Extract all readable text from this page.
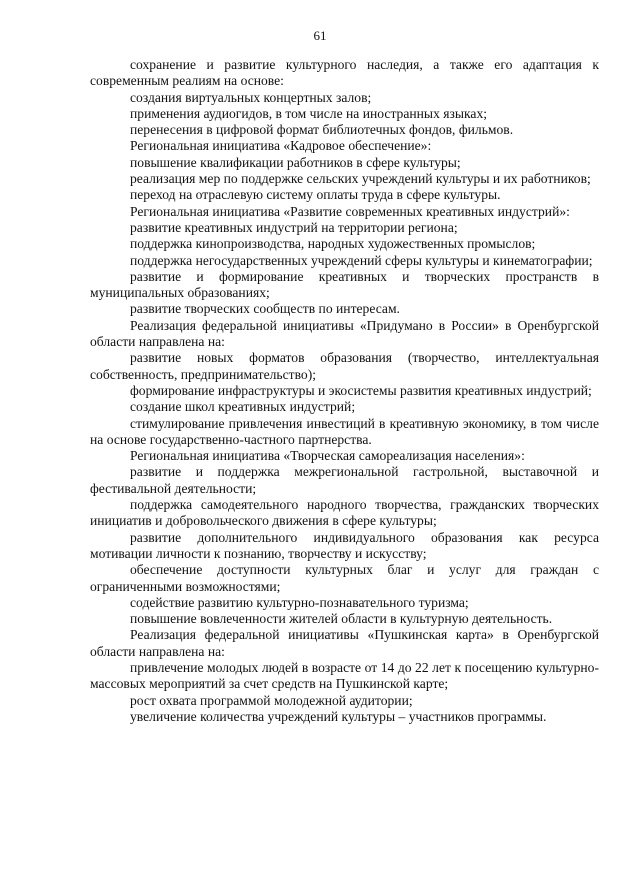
61

сохранение и развитие культурного наследия, а также его адаптация к современным реалиям на основе:

создания виртуальных концертных залов;

применения аудиогидов, в том числе на иностранных языках;

перенесения в цифровой формат библиотечных фондов, фильмов.

Региональная инициатива «Кадровое обеспечение»:

повышение квалификации работников в сфере культуры;

реализация мер по поддержке сельских учреждений культуры и их работников;

переход на отраслевую систему оплаты труда в сфере культуры.

Региональная инициатива «Развитие современных креативных индустрий»:

развитие креативных индустрий на территории региона;

поддержка кинопроизводства, народных художественных промыслов;

поддержка негосударственных учреждений сферы культуры и кинематографии;

развитие и формирование креативных и творческих пространств в муниципальных образованиях;

развитие творческих сообществ по интересам.

Реализация федеральной инициативы «Придумано в России» в Оренбургской области направлена на:

развитие новых форматов образования (творчество, интеллектуальная собственность, предпринимательство);

формирование инфраструктуры и экосистемы развития креативных индустрий;

создание школ креативных индустрий;

стимулирование привлечения инвестиций в креативную экономику, в том числе на основе государственно-частного партнерства.

Региональная инициатива «Творческая самореализация населения»:

развитие и поддержка межрегиональной гастрольной, выставочной и фестивальной деятельности;

поддержка самодеятельного народного творчества, гражданских творческих инициатив и добровольческого движения в сфере культуры;

развитие дополнительного индивидуального образования как ресурса мотивации личности к познанию, творчеству и искусству;

обеспечение доступности культурных благ и услуг для граждан с ограниченными возможностями;

содействие развитию культурно-познавательного туризма;

повышение вовлеченности жителей области в культурную деятельность.

Реализация федеральной инициативы «Пушкинская карта» в Оренбургской области направлена на:

привлечение молодых людей в возрасте от 14 до 22 лет к посещению культурно-массовых мероприятий за счет средств на Пушкинской карте;

рост охвата программой молодежной аудитории;

увеличение количества учреждений культуры – участников программы.
